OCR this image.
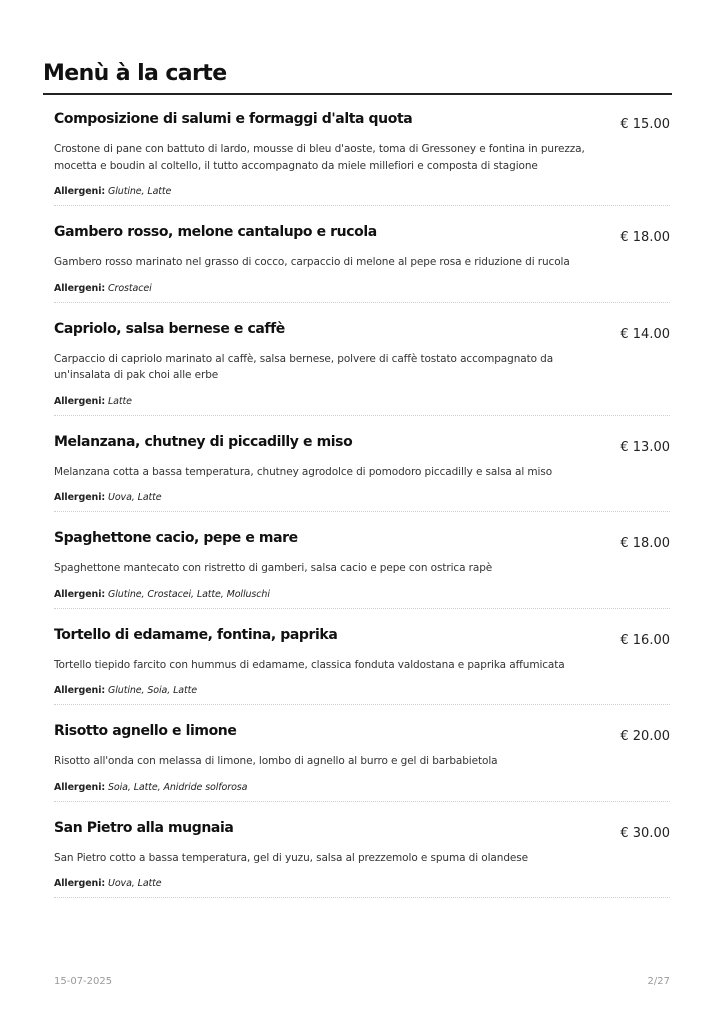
Menù à la carte
Composizione di salumi e formaggi d'alta quota	€ 15.00

Crostone di pane con battuto di lardo, mousse di bleu d'aoste, toma di Gressoney e fontina in purezza, mocetta e boudin al coltello, il tutto accompagnato da miele millefiori e composta di stagione

Allergeni: Glutine, Latte
Gambero rosso, melone cantalupo e rucola	€ 18.00

Gambero rosso marinato nel grasso di cocco, carpaccio di melone al pepe rosa e riduzione di rucola

Allergeni: Crostacei
Capriolo, salsa bernese e caffè	€ 14.00

Carpaccio di capriolo marinato al caffè, salsa bernese, polvere di caffè tostato accompagnato da un'insalata di pak choi alle erbe

Allergeni: Latte
Melanzana, chutney di piccadilly e miso	€ 13.00

Melanzana cotta a bassa temperatura, chutney agrodolce di pomodoro piccadilly e salsa al miso

Allergeni: Uova, Latte
Spaghettone cacio, pepe e mare	€ 18.00

Spaghettone mantecato con ristretto di gamberi, salsa cacio e pepe con ostrica rapè

Allergeni: Glutine, Crostacei, Latte, Molluschi
Tortello di edamame, fontina, paprika	€ 16.00

Tortello tiepido farcito con hummus di edamame, classica fonduta valdostana e paprika affumicata

Allergeni: Glutine, Soia, Latte
Risotto agnello e limone	€ 20.00

Risotto all'onda con melassa di limone, lombo di agnello al burro e gel di barbabietola

Allergeni: Soia, Latte, Anidride solforosa
San Pietro alla mugnaia	€ 30.00

San Pietro cotto a bassa temperatura, gel di yuzu, salsa al prezzemolo e spuma di olandese

Allergeni: Uova, Latte
15-07-2025	2/27
